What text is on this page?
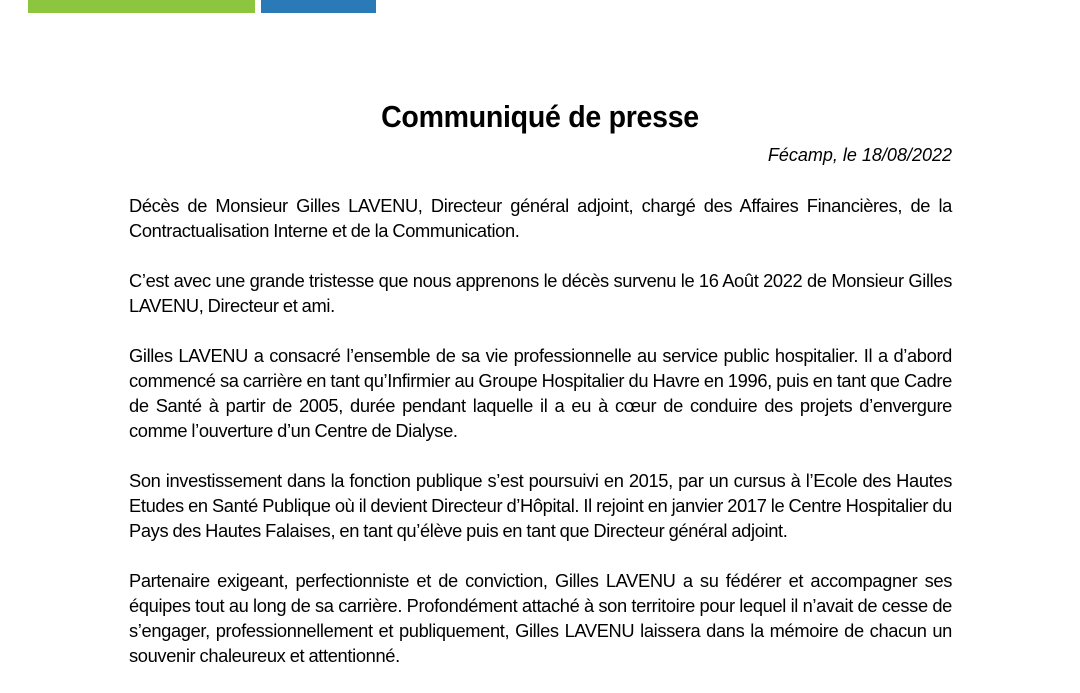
Communiqué de presse
Fécamp, le 18/08/2022

Décès de Monsieur Gilles LAVENU, Directeur général adjoint, chargé des Affaires Financières, de la Contractualisation Interne et de la Communication.

C’est avec une grande tristesse que nous apprenons le décès survenu le 16 Août 2022 de Monsieur Gilles LAVENU, Directeur et ami.

Gilles LAVENU a consacré l’ensemble de sa vie professionnelle au service public hospitalier. Il a d’abord commencé sa carrière en tant qu’Infirmier au Groupe Hospitalier du Havre en 1996, puis en tant que Cadre de Santé à partir de 2005, durée pendant laquelle il a eu à cœur de conduire des projets d’envergure comme l’ouverture d’un Centre de Dialyse.

Son investissement dans la fonction publique s’est poursuivi en 2015, par un cursus à l’Ecole des Hautes Etudes en Santé Publique où il devient Directeur d’Hôpital. Il rejoint en janvier 2017 le Centre Hospitalier du Pays des Hautes Falaises, en tant qu’élève puis en tant que Directeur général adjoint.

Partenaire exigeant, perfectionniste et de conviction, Gilles LAVENU a su fédérer et accompagner ses équipes tout au long de sa carrière. Profondément attaché à son territoire pour lequel il n’avait de cesse de s’engager, professionnellement et publiquement, Gilles LAVENU laissera dans la mémoire de chacun un souvenir chaleureux et attentionné.
